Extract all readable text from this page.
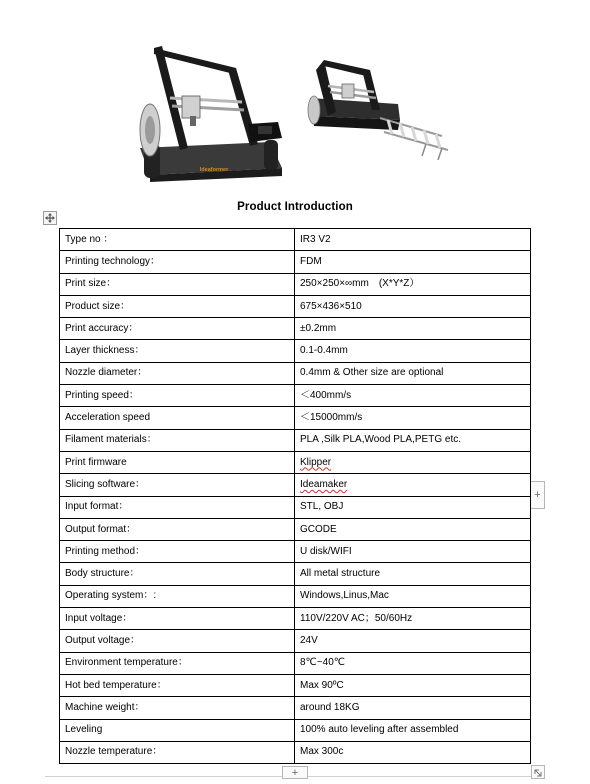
Ideaformer
Product Introduction
Type no ：	IR3 V2
Printing technology：	FDM
Print size：	250×250×∞mm　(X*Y*Z）
Product size：	675×436×510
Print accuracy：	±0.2mm
Layer thickness：	0.1-0.4mm
Nozzle diameter：	0.4mm & Other size are optional
Printing speed：	＜400mm/s
Acceleration speed	＜15000mm/s
Filament materials：	PLA ,Silk PLA,Wood PLA,PETG etc.
Print firmware	Klipper
Slicing software：	Ideamaker
Input format：	STL, OBJ
Output format：	GCODE
Printing method：	U disk/WIFI
Body structure：	All metal structure
Operating system：:	Windows,Linus,Mac
Input voltage：	110V/220V AC；50/60Hz
Output voltage：	24V
Environment temperature：	8℃~40℃
Hot bed temperature：	Max 90ºC
Machine weight：	around 18KG
Leveling	100% auto leveling after assembled
Nozzle temperature：	Max 300c
+
+
